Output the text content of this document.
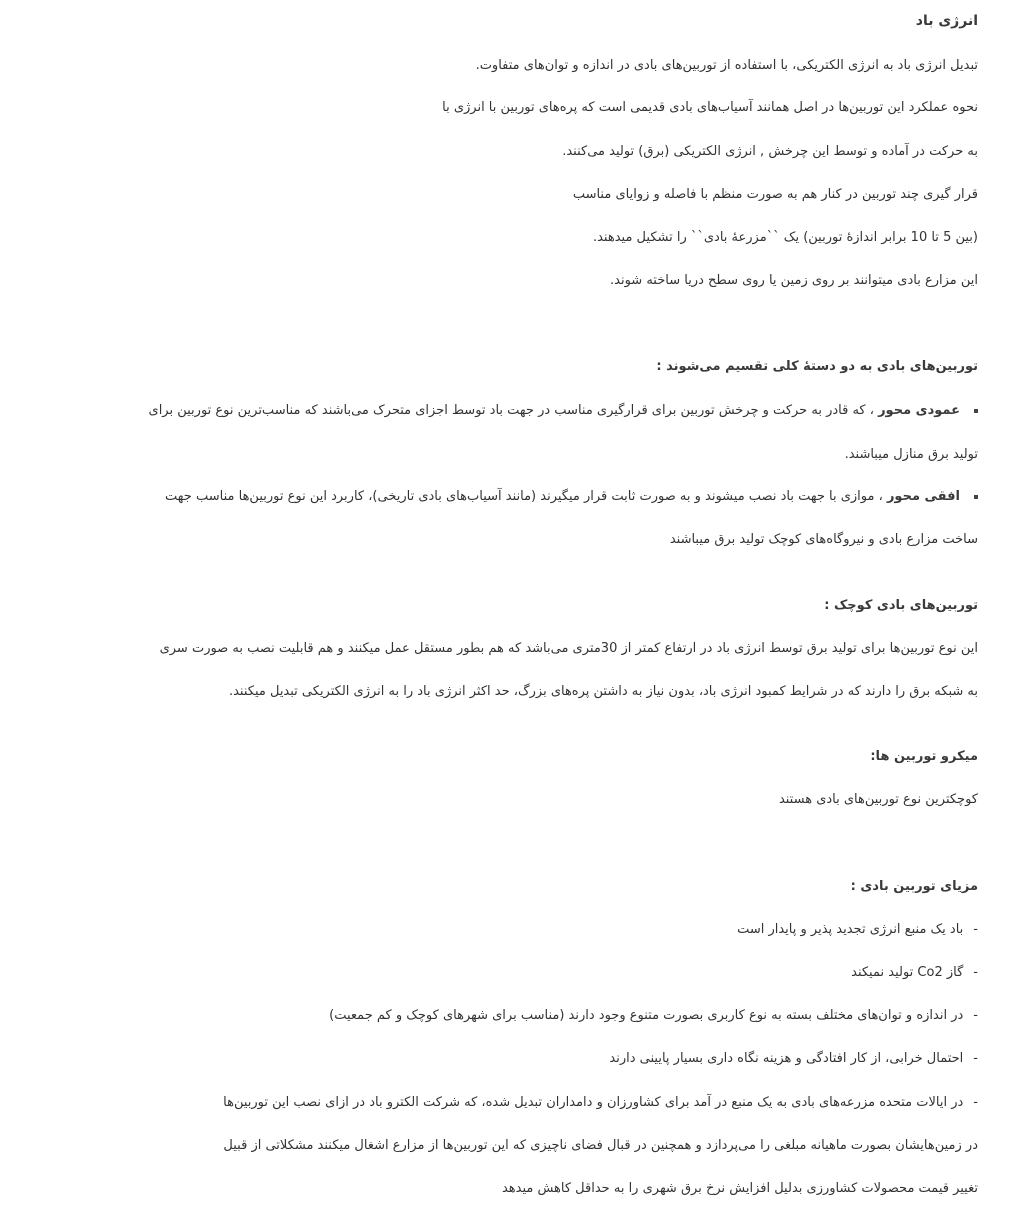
انرژی باد
تبدیل انرژی باد به انرژی الکتریکی، با استفاده از توربین‌های بادی در اندازه و توان‌های متفاوت.
نحوه عملکرد این توربین‌ها در اصل همانند آسیاب‌های بادی قدیمی است که پره‌های توربین با انرژی با
به حرکت در آماده و توسط این چرخش , انرژی الکتریکی (برق) تولید می‌کنند.
قرار گیری چند توربین در کنار هم به صورت منظم با فاصله و زوایای مناسب
(بین 5 تا 10 برابر اندازهٔ توربین) یک ``مزرعهٔ بادی`` را تشکیل میدهند.
این مزارع بادی میتوانند بر روی زمین یا روی سطح دریا ساخته شوند.
توربین‌های بادی به دو دستهٔ کلی تقسیم می‌شوند :
عمودی محور ، که قادر به حرکت و چرخش توربین برای قرارگیری مناسب در جهت باد توسط اجزای متحرک می‌باشند که مناسب‌ترین نوع توربین برای
تولید برق منازل میباشند.
افقی محور ، موازی با جهت باد نصب میشوند و به صورت ثابت قرار میگیرند (مانند آسیاب‌های بادی تاریخی)، کاربرد این نوع توربین‌ها مناسب جهت
ساخت مزارع بادی و نیروگاه‌های کوچک تولید برق میباشند
توربین‌های بادی کوچک :
این نوع توربین‌ها برای تولید برق توسط انرژی باد در ارتفاع کمتر از 30متری می‌باشد که هم بطور مستقل عمل میکنند و هم قابلیت نصب به صورت سری
به شبکه برق را دارند که در شرایط کمبود انرژی باد، بدون نیاز به داشتن پره‌های بزرگ، حد اکثر انرژی باد را به انرژی الکتریکی تبدیل میکنند.
میکرو توربین ها:
کوچکترین نوع توربین‌های بادی هستند
مزیای توربین بادی :
-باد یک منبع انرژی تجدید پذیر و پایدار است
-گاز Co2 تولید نمیکند
-در اندازه و توان‌های مختلف بسته به نوع کاربری بصورت متنوع وجود دارند (مناسب برای شهرهای کوچک و کم جمعیت)
-احتمال خرابی، از کار افتادگی و هزینه نگاه داری بسیار پایینی دارند
-در ایالات متحده مزرعه‌های بادی به یک منبع در آمد برای کشاورزان و دامداران تبدیل شده، که شرکت الکترو باد در ازای نصب این توربین‌ها
در زمین‌هایشان بصورت ماهیانه مبلغی را می‌پردازد و همچنین در قبال فضای ناچیزی که این توربین‌ها از مزارع اشغال میکنند مشکلاتی از قبیل
تغییر قیمت محصولات کشاورزی بدلیل افزایش نرخ برق شهری را به حداقل کاهش میدهد
